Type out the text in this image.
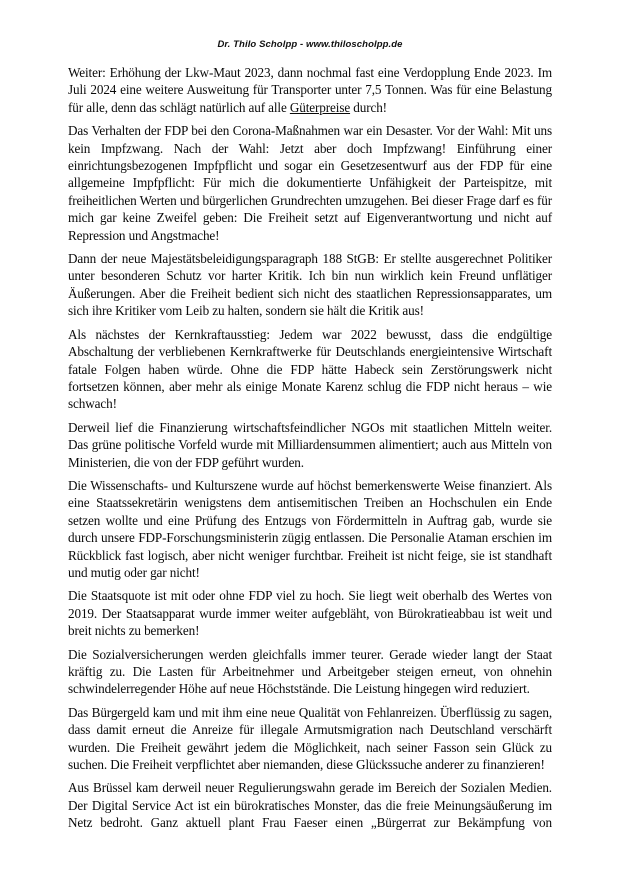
Dr. Thilo Scholpp - www.thiloscholpp.de

Weiter: Erhöhung der Lkw-Maut 2023, dann nochmal fast eine Verdopplung Ende 2023. Im Juli 2024 eine weitere Ausweitung für Transporter unter 7,5 Tonnen. Was für eine Belastung für alle, denn das schlägt natürlich auf alle Güterpreise durch!

Das Verhalten der FDP bei den Corona-Maßnahmen war ein Desaster. Vor der Wahl: Mit uns kein Impfzwang. Nach der Wahl: Jetzt aber doch Impfzwang! Einführung einer einrichtungsbezogenen Impfpflicht und sogar ein Gesetzesentwurf aus der FDP für eine allgemeine Impfpflicht: Für mich die dokumentierte Unfähigkeit der Parteispitze, mit freiheitlichen Werten und bürgerlichen Grundrechten umzugehen. Bei dieser Frage darf es für mich gar keine Zweifel geben: Die Freiheit setzt auf Eigenverantwortung und nicht auf Repression und Angstmache!

Dann der neue Majestätsbeleidigungsparagraph 188 StGB: Er stellte ausgerechnet Politiker unter besonderen Schutz vor harter Kritik. Ich bin nun wirklich kein Freund unflätiger Äußerungen. Aber die Freiheit bedient sich nicht des staatlichen Repressionsapparates, um sich ihre Kritiker vom Leib zu halten, sondern sie hält die Kritik aus!

Als nächstes der Kernkraftausstieg: Jedem war 2022 bewusst, dass die endgültige Abschaltung der verbliebenen Kernkraftwerke für Deutschlands energieintensive Wirtschaft fatale Folgen haben würde. Ohne die FDP hätte Habeck sein Zerstörungswerk nicht fortsetzen können, aber mehr als einige Monate Karenz schlug die FDP nicht heraus – wie schwach!

Derweil lief die Finanzierung wirtschaftsfeindlicher NGOs mit staatlichen Mitteln weiter. Das grüne politische Vorfeld wurde mit Milliardensummen alimentiert; auch aus Mitteln von Ministerien, die von der FDP geführt wurden.

Die Wissenschafts- und Kulturszene wurde auf höchst bemerkenswerte Weise finanziert. Als eine Staatssekretärin wenigstens dem antisemitischen Treiben an Hochschulen ein Ende setzen wollte und eine Prüfung des Entzugs von Fördermitteln in Auftrag gab, wurde sie durch unsere FDP-Forschungsministerin zügig entlassen. Die Personalie Ataman erschien im Rückblick fast logisch, aber nicht weniger furchtbar. Freiheit ist nicht feige, sie ist standhaft und mutig oder gar nicht!

Die Staatsquote ist mit oder ohne FDP viel zu hoch. Sie liegt weit oberhalb des Wertes von 2019. Der Staatsapparat wurde immer weiter aufgebläht, von Bürokratieabbau ist weit und breit nichts zu bemerken!

Die Sozialversicherungen werden gleichfalls immer teurer. Gerade wieder langt der Staat kräftig zu. Die Lasten für Arbeitnehmer und Arbeitgeber steigen erneut, von ohnehin schwindelerregender Höhe auf neue Höchststände. Die Leistung hingegen wird reduziert.

Das Bürgergeld kam und mit ihm eine neue Qualität von Fehlanreizen. Überflüssig zu sagen, dass damit erneut die Anreize für illegale Armutsmigration nach Deutschland verschärft wurden. Die Freiheit gewährt jedem die Möglichkeit, nach seiner Fasson sein Glück zu suchen. Die Freiheit verpflichtet aber niemanden, diese Glückssuche anderer zu finanzieren!

Aus Brüssel kam derweil neuer Regulierungswahn gerade im Bereich der Sozialen Medien. Der Digital Service Act ist ein bürokratisches Monster, das die freie Meinungsäußerung im Netz bedroht. Ganz aktuell plant Frau Faeser einen „Bürgerrat zur Bekämpfung von
